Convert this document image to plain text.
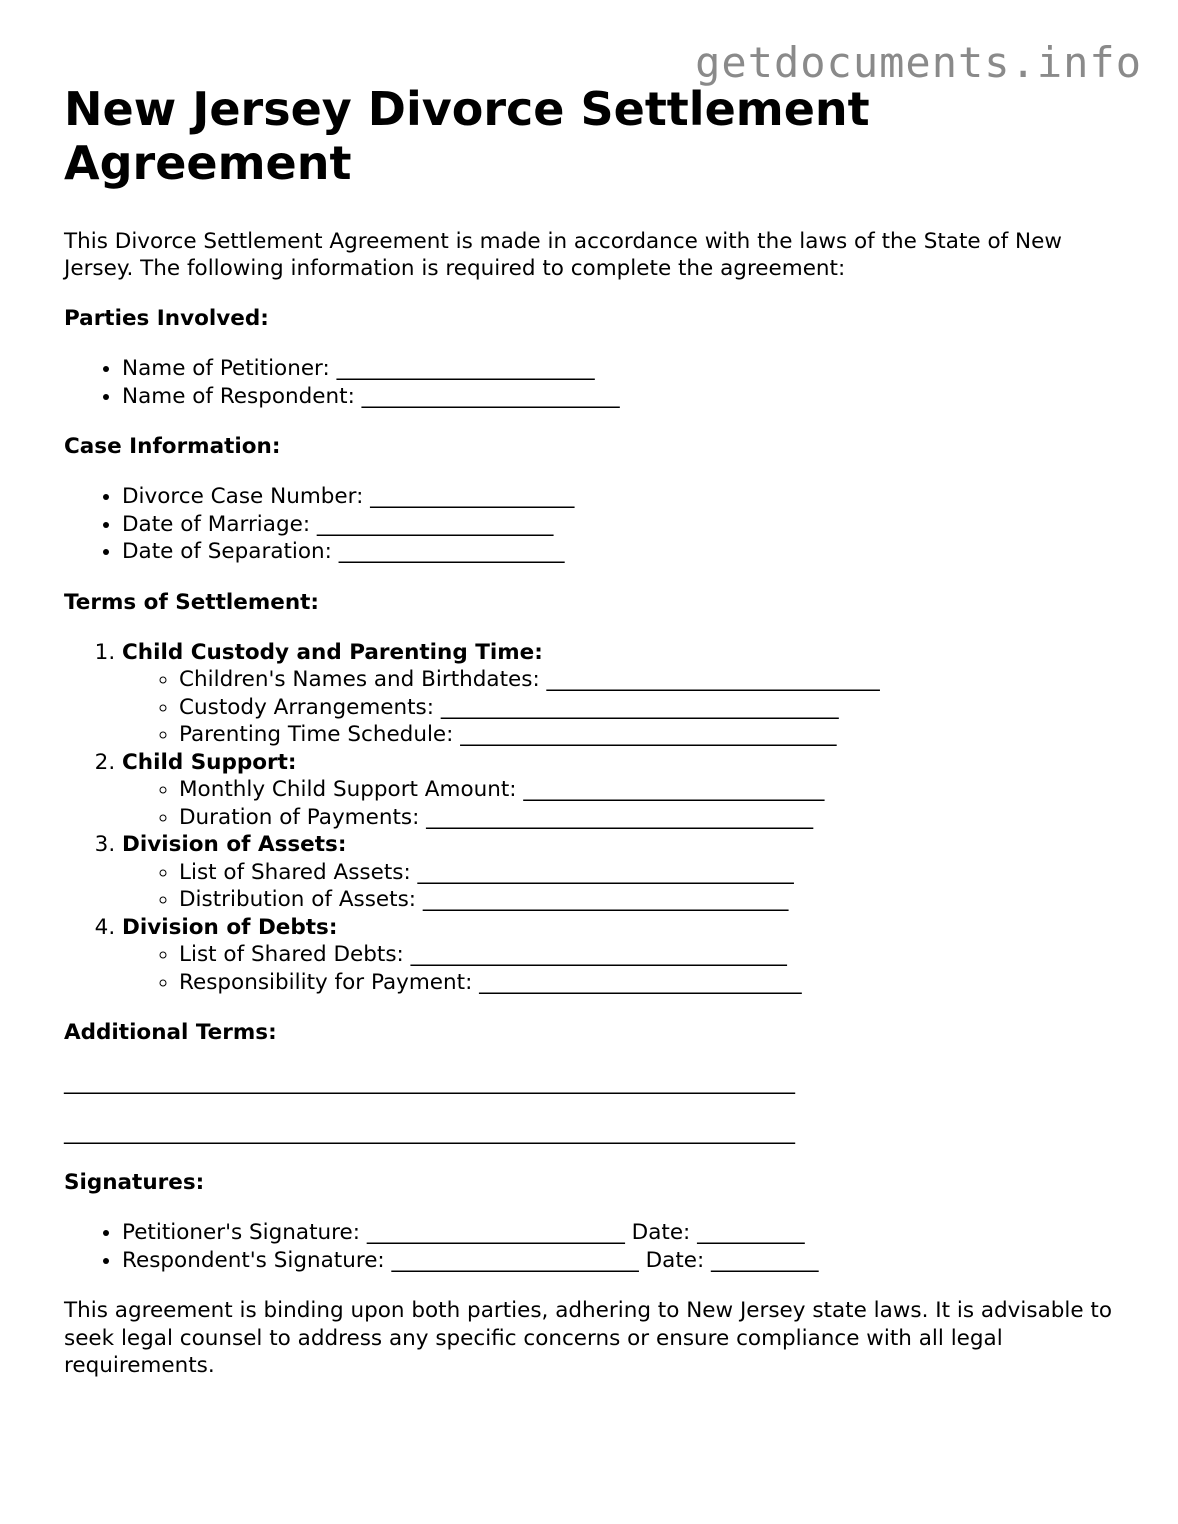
getdocuments.info
New Jersey Divorce Settlement Agreement

This Divorce Settlement Agreement is made in accordance with the laws of the State of New Jersey. The following information is required to complete the agreement:

Parties Involved:
• Name of Petitioner: ________________________
• Name of Respondent: ________________________
Case Information:
• Divorce Case Number: ___________________
• Date of Marriage: ______________________
• Date of Separation: _____________________
Terms of Settlement:
1. Child Custody and Parenting Time:
◦ Children's Names and Birthdates: _______________________________
◦ Custody Arrangements: _____________________________________
◦ Parenting Time Schedule: ___________________________________
2. Child Support:
◦ Monthly Child Support Amount: ____________________________
◦ Duration of Payments: ____________________________________
3. Division of Assets:
◦ List of Shared Assets: ___________________________________
◦ Distribution of Assets: __________________________________
4. Division of Debts:
◦ List of Shared Debts: ___________________________________
◦ Responsibility for Payment: ______________________________
Additional Terms:
____________________________________________________________________
____________________________________________________________________
Signatures:
• Petitioner's Signature: ________________________ Date: __________
• Respondent's Signature: _______________________ Date: __________

This agreement is binding upon both parties, adhering to New Jersey state laws. It is advisable to seek legal counsel to address any specific concerns or ensure compliance with all legal requirements.
